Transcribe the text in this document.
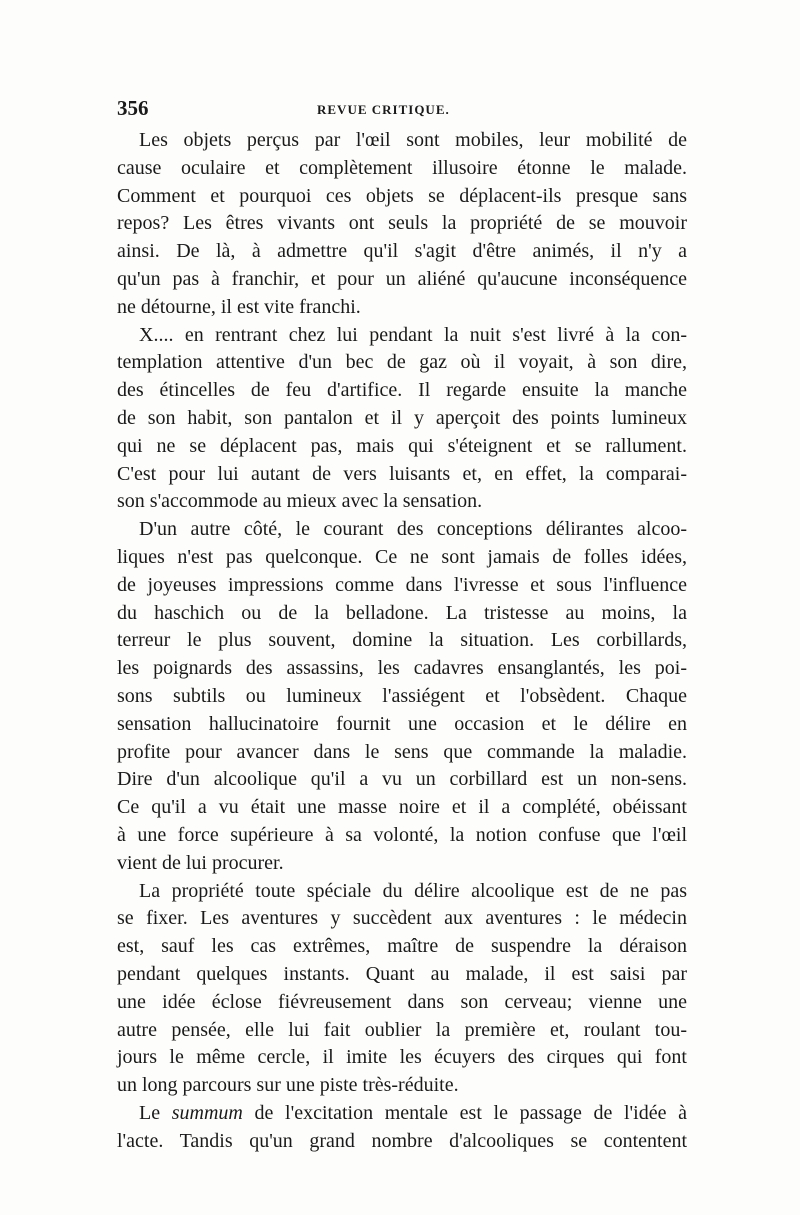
356	REVUE CRITIQUE.
Les objets perçus par l'œil sont mobiles, leur mobilité de
cause oculaire et complètement illusoire étonne le malade.
Comment et pourquoi ces objets se déplacent-ils presque sans
repos? Les êtres vivants ont seuls la propriété de se mouvoir
ainsi. De là, à admettre qu'il s'agit d'être animés, il n'y a
qu'un pas à franchir, et pour un aliéné qu'aucune inconséquence
ne détourne, il est vite franchi.
X.... en rentrant chez lui pendant la nuit s'est livré à la con-
templation attentive d'un bec de gaz où il voyait, à son dire,
des étincelles de feu d'artifice. Il regarde ensuite la manche
de son habit, son pantalon et il y aperçoit des points lumineux
qui ne se déplacent pas, mais qui s'éteignent et se rallument.
C'est pour lui autant de vers luisants et, en effet, la comparai-
son s'accommode au mieux avec la sensation.
D'un autre côté, le courant des conceptions délirantes alcoo-
liques n'est pas quelconque. Ce ne sont jamais de folles idées,
de joyeuses impressions comme dans l'ivresse et sous l'influence
du haschich ou de la belladone. La tristesse au moins, la
terreur le plus souvent, domine la situation. Les corbillards,
les poignards des assassins, les cadavres ensanglantés, les poi-
sons subtils ou lumineux l'assiégent et l'obsèdent. Chaque
sensation hallucinatoire fournit une occasion et le délire en
profite pour avancer dans le sens que commande la maladie.
Dire d'un alcoolique qu'il a vu un corbillard est un non-sens.
Ce qu'il a vu était une masse noire et il a complété, obéissant
à une force supérieure à sa volonté, la notion confuse que l'œil
vient de lui procurer.
La propriété toute spéciale du délire alcoolique est de ne pas
se fixer. Les aventures y succèdent aux aventures : le médecin
est, sauf les cas extrêmes, maître de suspendre la déraison
pendant quelques instants. Quant au malade, il est saisi par
une idée éclose fiévreusement dans son cerveau; vienne une
autre pensée, elle lui fait oublier la première et, roulant tou-
jours le même cercle, il imite les écuyers des cirques qui font
un long parcours sur une piste très-réduite.
Le summum de l'excitation mentale est le passage de l'idée à
l'acte. Tandis qu'un grand nombre d'alcooliques se contentent
